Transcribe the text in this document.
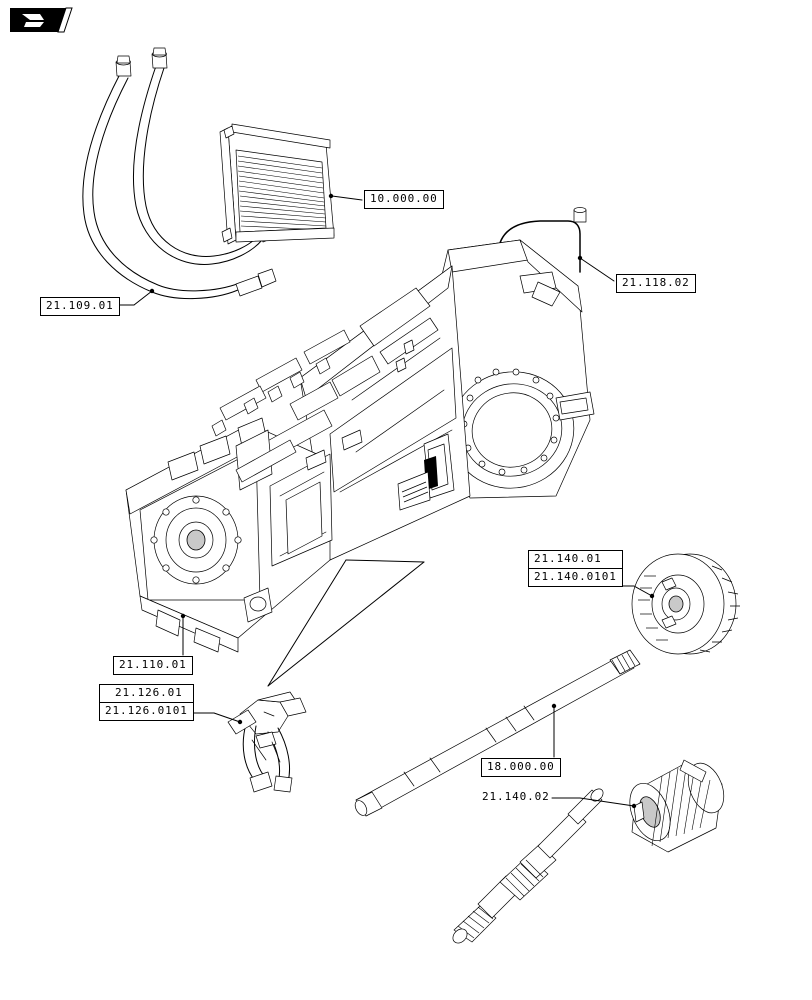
10.000.00
21.118.02
21.109.01
21.140.01
21.140.0101
21.110.01
21.126.01
21.126.0101
18.000.00
21.140.02
